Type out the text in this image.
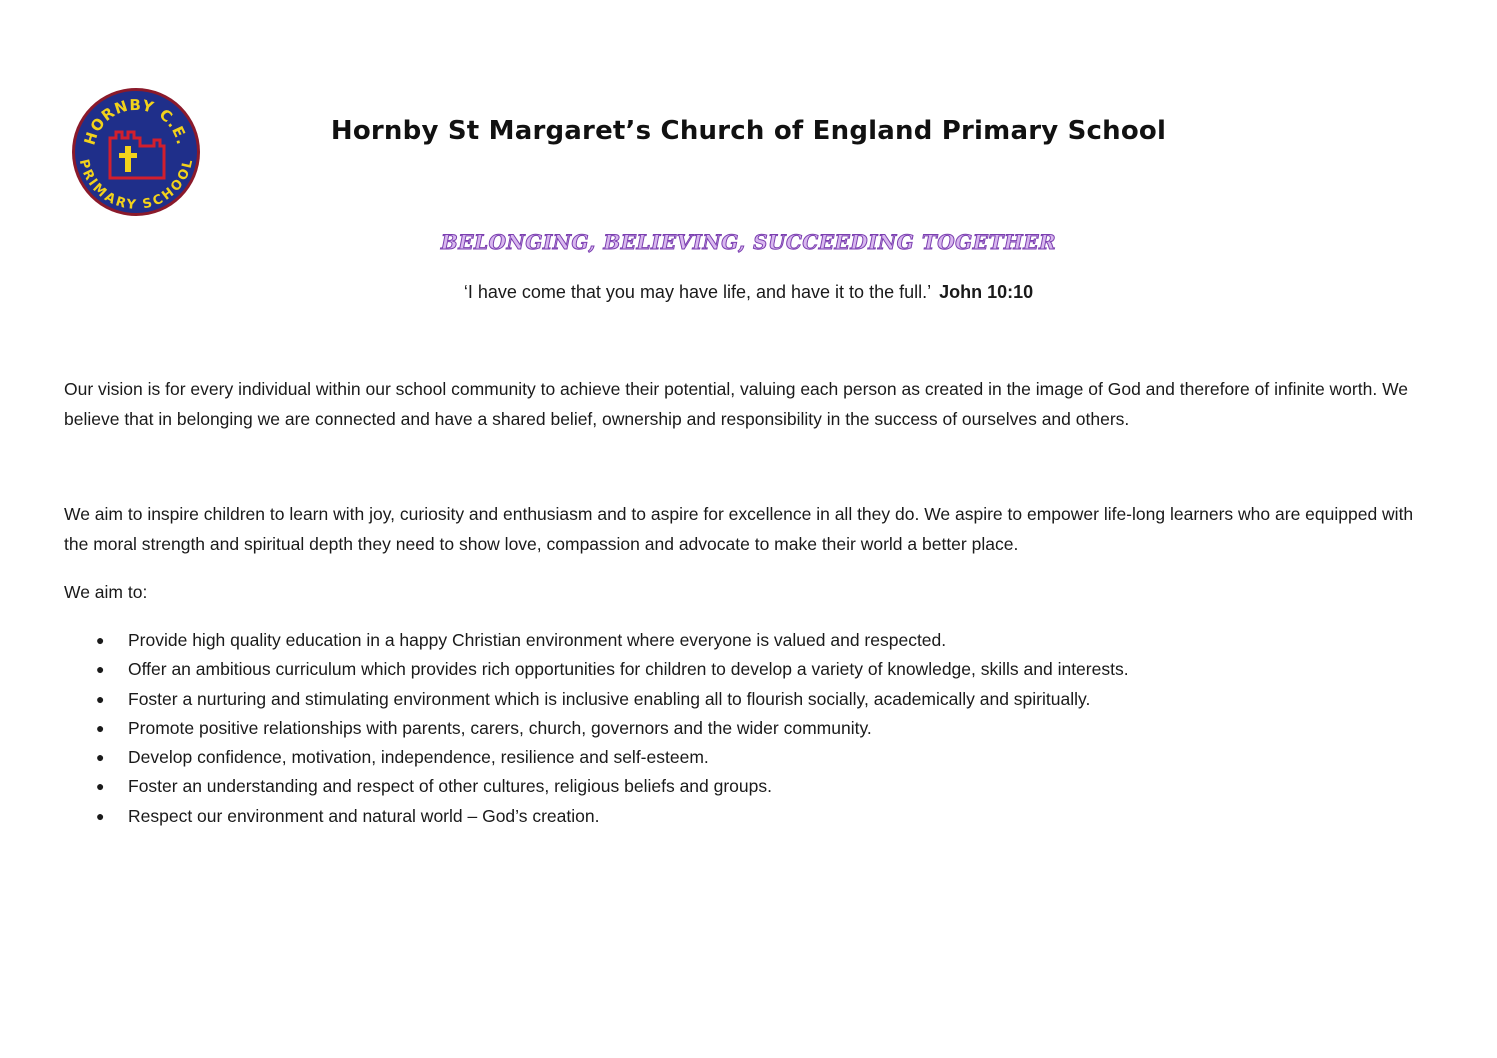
HORNBY C.E.
PRIMARY SCHOOL
Hornby St Margaret’s Church of England Primary School

BELONGING, BELIEVING, SUCCEEDING TOGETHER

‘I have come that you may have life, and have it to the full.’ John 10:10

Our vision is for every individual within our school community to achieve their potential, valuing each person as created in the image of God and therefore of infinite worth. We believe that in belonging we are connected and have a shared belief, ownership and responsibility in the success of ourselves and others.

We aim to inspire children to learn with joy, curiosity and enthusiasm and to aspire for excellence in all they do. We aspire to empower life-long learners who are equipped with the moral strength and spiritual depth they need to show love, compassion and advocate to make their world a better place.

We aim to:

● Provide high quality education in a happy Christian environment where everyone is valued and respected.
● Offer an ambitious curriculum which provides rich opportunities for children to develop a variety of knowledge, skills and interests.
● Foster a nurturing and stimulating environment which is inclusive enabling all to flourish socially, academically and spiritually.
● Promote positive relationships with parents, carers, church, governors and the wider community.
● Develop confidence, motivation, independence, resilience and self-esteem.
● Foster an understanding and respect of other cultures, religious beliefs and groups.
● Respect our environment and natural world – God’s creation.
